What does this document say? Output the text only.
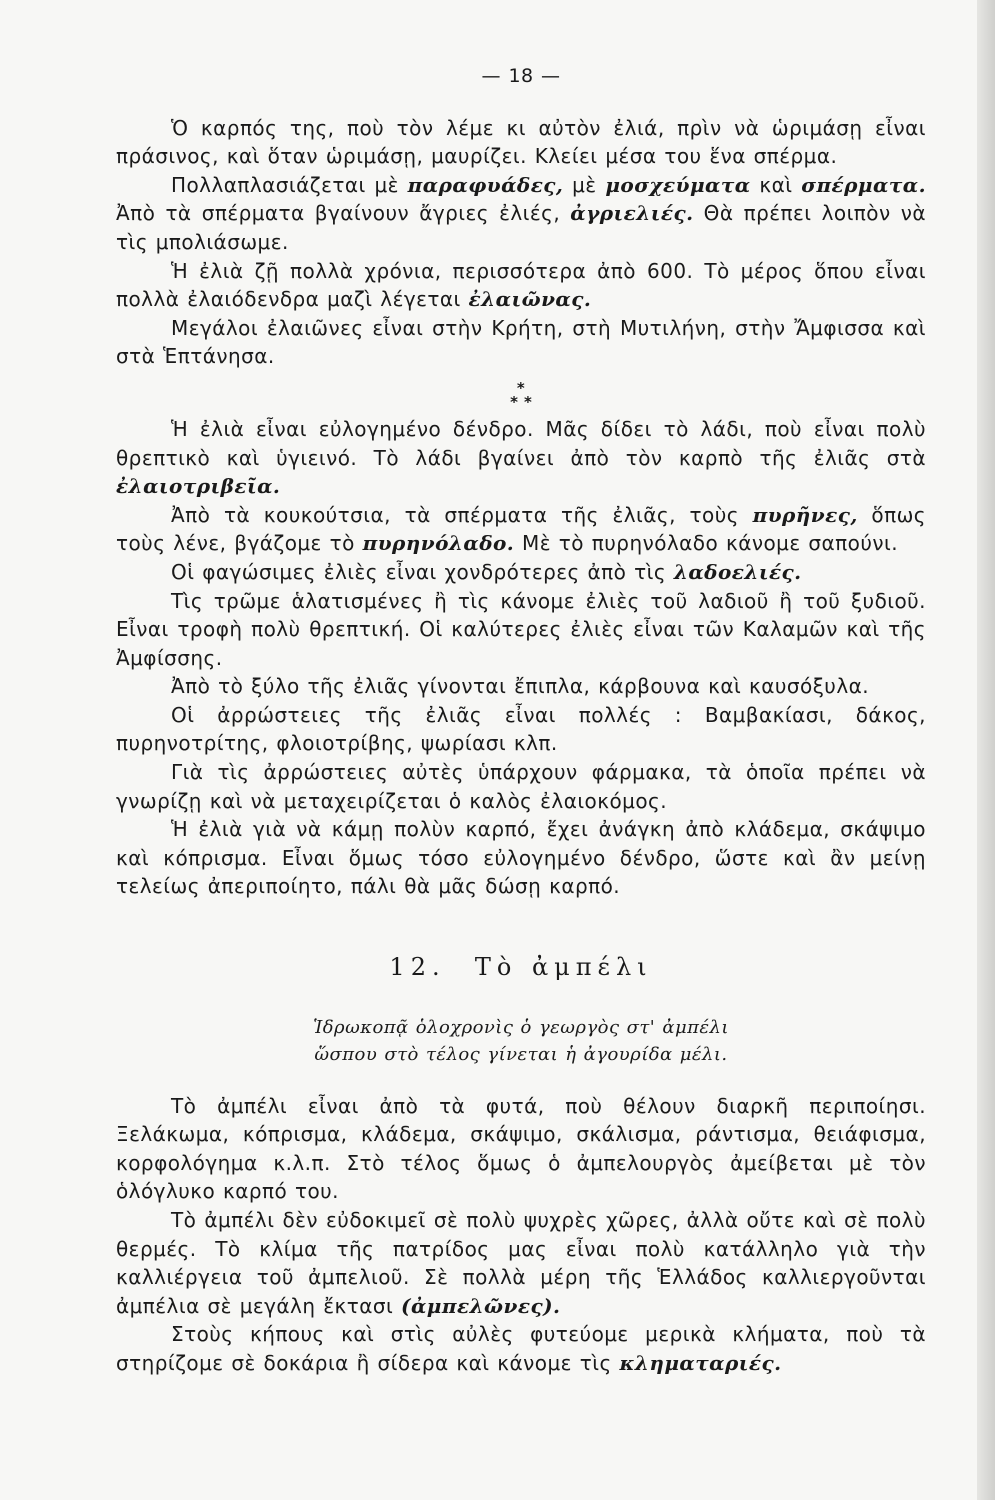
— 18 —

Ὁ καρπός της, ποὺ τὸν λέμε κι αὐτὸν ἐλιά, πρὶν νὰ ὡριμάσῃ εἶναι πράσινος, καὶ ὅταν ὡριμάσῃ, μαυρίζει. Κλείει μέσα του ἕνα σπέρμα.

Πολλαπλασιάζεται μὲ παραφυάδες, μὲ μοσχεύματα καὶ σπέρματα. Ἀπὸ τὰ σπέρματα βγαίνουν ἄγριες ἐλιές, ἀγριελιές. Θὰ πρέπει λοιπὸν νὰ τὶς μπολιάσωμε.

Ἡ ἐλιὰ ζῇ πολλὰ χρόνια, περισσότερα ἀπὸ 600. Τὸ μέρος ὅπου εἶναι πολλὰ ἐλαιόδενδρα μαζὶ λέγεται ἐλαιῶνας.

Μεγάλοι ἐλαιῶνες εἶναι στὴν Κρήτη, στὴ Μυτιλήνη, στὴν Ἄμφισσα καὶ στὰ Ἑπτάνησα.

*
**

Ἡ ἐλιὰ εἶναι εὐλογημένο δένδρο. Μᾶς δίδει τὸ λάδι, ποὺ εἶναι πολὺ θρεπτικὸ καὶ ὑγιεινό. Τὸ λάδι βγαίνει ἀπὸ τὸν καρπὸ τῆς ἐλιᾶς στὰ ἐλαιοτριβεῖα.

Ἀπὸ τὰ κουκούτσια, τὰ σπέρματα τῆς ἐλιᾶς, τοὺς πυρῆνες, ὅπως τοὺς λένε, βγάζομε τὸ πυρηνόλαδο. Μὲ τὸ πυρηνόλαδο κάνομε σαπούνι.

Οἱ φαγώσιμες ἐλιὲς εἶναι χονδρότερες ἀπὸ τὶς λαδοελιές.

Τὶς τρῶμε ἁλατισμένες ἢ τὶς κάνομε ἐλιὲς τοῦ λαδιοῦ ἢ τοῦ ξυδιοῦ. Εἶναι τροφὴ πολὺ θρεπτική. Οἱ καλύτερες ἐλιὲς εἶναι τῶν Καλαμῶν καὶ τῆς Ἀμφίσσης.

Ἀπὸ τὸ ξύλο τῆς ἐλιᾶς γίνονται ἔπιπλα, κάρβουνα καὶ καυσόξυλα.

Οἱ ἀρρώστειες τῆς ἐλιᾶς εἶναι πολλές : Βαμβακίασι, δάκος, πυρηνοτρίτης, φλοιοτρίβης, ψωρίασι κλπ.

Γιὰ τὶς ἀρρώστειες αὐτὲς ὑπάρχουν φάρμακα, τὰ ὁποῖα πρέπει νὰ γνωρίζῃ καὶ νὰ μεταχειρίζεται ὁ καλὸς ἐλαιοκόμος.

Ἡ ἐλιὰ γιὰ νὰ κάμῃ πολὺν καρπό, ἔχει ἀνάγκη ἀπὸ κλάδεμα, σκάψιμο καὶ κόπρισμα. Εἶναι ὅμως τόσο εὐλογημένο δένδρο, ὥστε καὶ ἂν μείνῃ τελείως ἀπεριποίητο, πάλι θὰ μᾶς δώσῃ καρπό.

12. Τὸ ἀμπέλι
Ἱδρωκοπᾷ ὁλοχρονὶς ὁ γεωργὸς στ' ἀμπέλι
ὥσπου στὸ τέλος γίνεται ἡ ἀγουρίδα μέλι.

Τὸ ἀμπέλι εἶναι ἀπὸ τὰ φυτά, ποὺ θέλουν διαρκῆ περιποίησι. Ξελάκωμα, κόπρισμα, κλάδεμα, σκάψιμο, σκάλισμα, ράντισμα, θειάφισμα, κορφολόγημα κ.λ.π. Στὸ τέλος ὅμως ὁ ἀμπελουργὸς ἀμείβεται μὲ τὸν ὁλόγλυκο καρπό του.

Τὸ ἀμπέλι δὲν εὐδοκιμεῖ σὲ πολὺ ψυχρὲς χῶρες, ἀλλὰ οὔτε καὶ σὲ πολὺ θερμές. Τὸ κλίμα τῆς πατρίδος μας εἶναι πολὺ κατάλληλο γιὰ τὴν καλλιέργεια τοῦ ἀμπελιοῦ. Σὲ πολλὰ μέρη τῆς Ἑλλάδος καλλιεργοῦνται ἀμπέλια σὲ μεγάλη ἔκτασι (ἀμπελῶνες).

Στοὺς κήπους καὶ στὶς αὐλὲς φυτεύομε μερικὰ κλήματα, ποὺ τὰ στηρίζομε σὲ δοκάρια ἢ σίδερα καὶ κάνομε τὶς κληματαριές.
